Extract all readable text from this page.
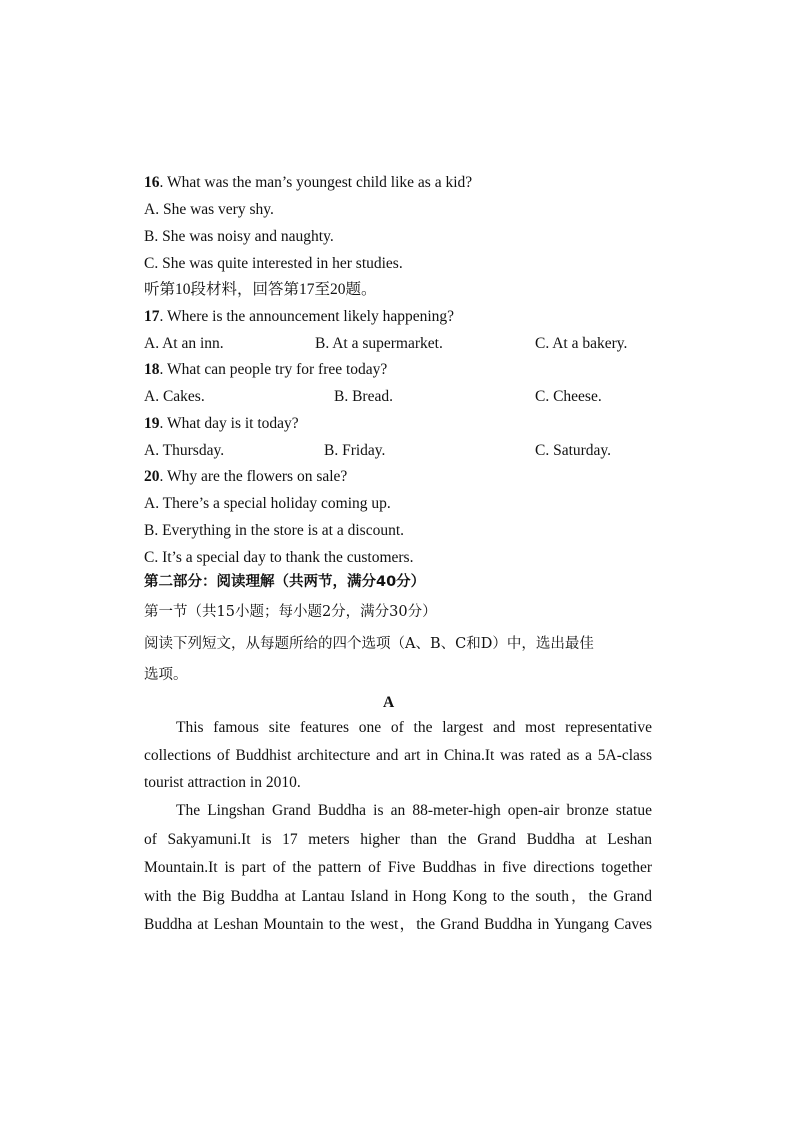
16. What was the man’s youngest child like as a kid?
A. She was very shy.
B. She was noisy and naughty.
C. She was quite interested in her studies.
听第10段材料，回答第17至20题。
17. Where is the announcement likely happening?
A. At an inn.	B. At a supermarket.	C. At a bakery.
18. What can people try for free today?
A. Cakes.	B. Bread.	C. Cheese.
19. What day is it today?
A. Thursday.	B. Friday.	C. Saturday.
20. Why are the flowers on sale?
A. There’s a special holiday coming up.
B. Everything in the store is at a discount.
C. It’s a special day to thank the customers.
第二部分：阅读理解（共两节，满分40分）
第一节（共15小题；每小题2分，满分30分）
阅读下列短文，从每题所给的四个选项（A、B、C和D）中，选出最佳
选项。
A
This famous site features one of the largest and most representative
collections of Buddhist architecture and art in China.It was rated as a 5A-class
tourist attraction in 2010.
The Lingshan Grand Buddha is an 88-meter-high open-air bronze statue
of Sakyamuni.It is 17 meters higher than the Grand Buddha at Leshan
Mountain.It is part of the pattern of Five Buddhas in five directions together
with the Big Buddha at Lantau Island in Hong Kong to the south，the Grand
Buddha at Leshan Mountain to the west，the Grand Buddha in Yungang Caves
